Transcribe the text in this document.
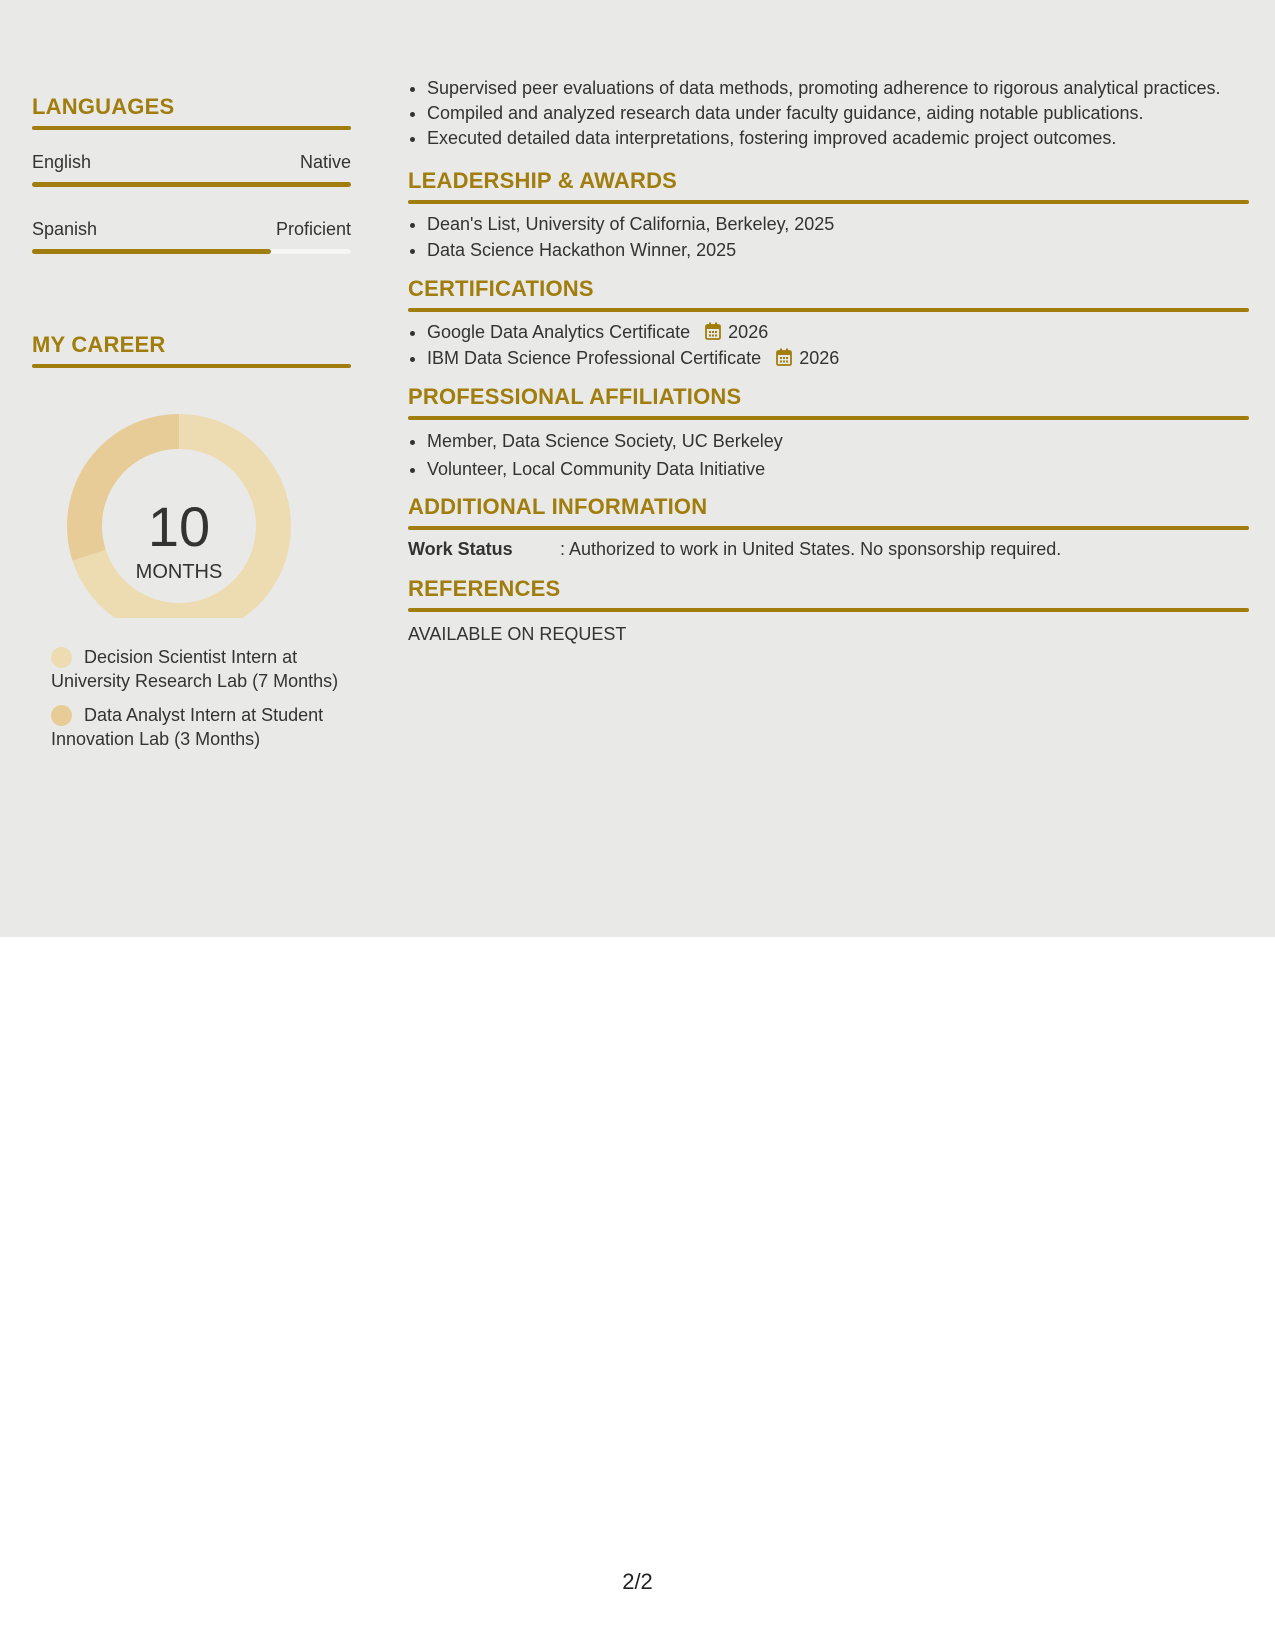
LANGUAGES
English	Native
Spanish	Proficient
MY CAREER
10
MONTHS
Decision Scientist Intern at University Research Lab (7 Months)
Data Analyst Intern at Student Innovation Lab (3 Months)
• Supervised peer evaluations of data methods, promoting adherence to rigorous analytical practices.
• Compiled and analyzed research data under faculty guidance, aiding notable publications.
• Executed detailed data interpretations, fostering improved academic project outcomes.
LEADERSHIP & AWARDS
• Dean's List, University of California, Berkeley, 2025
• Data Science Hackathon Winner, 2025
CERTIFICATIONS
• Google Data Analytics Certificate 2026
• IBM Data Science Professional Certificate 2026
PROFESSIONAL AFFILIATIONS
• Member, Data Science Society, UC Berkeley
• Volunteer, Local Community Data Initiative
ADDITIONAL INFORMATION
Work Status	: Authorized to work in United States. No sponsorship required.
REFERENCES
AVAILABLE ON REQUEST
2/2
